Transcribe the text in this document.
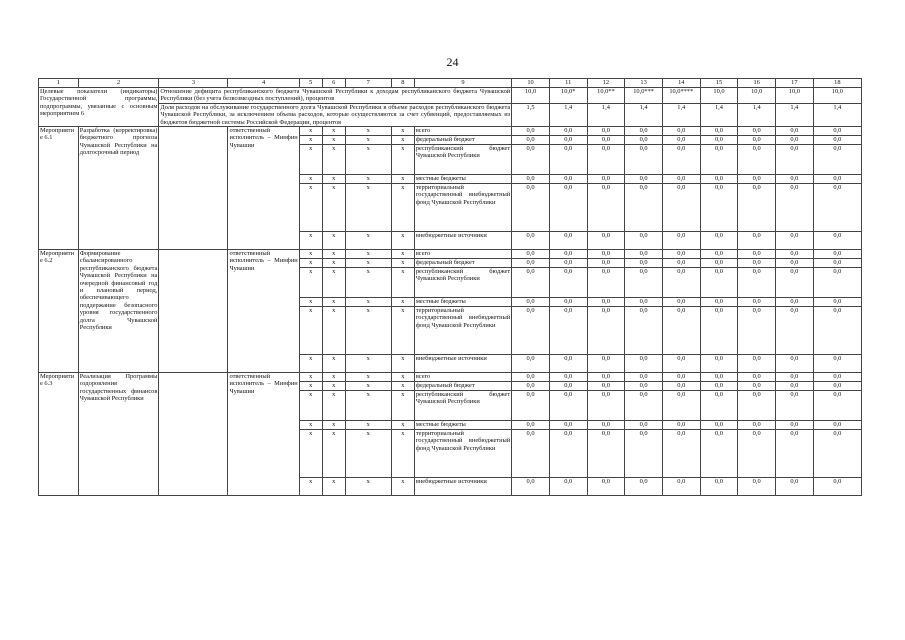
24
1	2	3	4	5	6	7	8	9	10	11	12	13	14	15	16	17	18
Целевые показатели (индикаторы) Государственной программы, подпрограммы, увязанные с основным мероприятием 6		Отношение дефицита республиканского бюджета Чувашской Республики к доходам республиканского бюджета Чувашской Республики (без учета безвозмездных поступлений), процентов							10,0	10,0*	10,0**	10,0***	10,0****	10,0	10,0	10,0	10,0
		Доля расходов на обслуживание государственного долга Чувашской Республики в объеме расходов республиканского бюджета Чувашской Республики, за исключением объема расходов, которые осуществляются за счет субвенций, предоставляемых из бюджетов бюджетной системы Российской Федерации, процентов							1,5	1,4	1,4	1,4	1,4	1,4	1,4	1,4	1,4
Мероприятие 6.1	Разработка (корректировка) бюджетного прогноза Чувашской Республики на долгосрочный период		ответственный исполнитель – Минфин Чувашии	x	x	x	x	всего	0,0	0,0	0,0	0,0	0,0	0,0	0,0	0,0	0,0
				x	x	x	x	федеральный бюджет	0,0	0,0	0,0	0,0	0,0	0,0	0,0	0,0	0,0
				x	x	x	x	республиканский бюджет Чувашской Республики	0,0	0,0	0,0	0,0	0,0	0,0	0,0	0,0	0,0
				x	x	x	x	местные бюджеты	0,0	0,0	0,0	0,0	0,0	0,0	0,0	0,0	0,0
				x	x	x	x	территориальный государственный внебюджетный фонд Чувашской Республики	0,0	0,0	0,0	0,0	0,0	0,0	0,0	0,0	0,0
				x	x	x	x	внебюджетные источники	0,0	0,0	0,0	0,0	0,0	0,0	0,0	0,0	0,0
Мероприятие 6.2	Формирование сбалансированного республиканского бюджета Чувашской Республики на очередной финансовый год и плановый период, обеспечивающего поддержание безопасного уровня государственного долга Чувашской Республики		ответственный исполнитель – Минфин Чувашии	x	x	x	x	всего	0,0	0,0	0,0	0,0	0,0	0,0	0,0	0,0	0,0
				x	x	x	x	федеральный бюджет	0,0	0,0	0,0	0,0	0,0	0,0	0,0	0,0	0,0
				x	x	x	x	республиканский бюджет Чувашской Республики	0,0	0,0	0,0	0,0	0,0	0,0	0,0	0,0	0,0
				x	x	x	x	местные бюджеты	0,0	0,0	0,0	0,0	0,0	0,0	0,0	0,0	0,0
				x	x	x	x	территориальный государственный внебюджетный фонд Чувашской Республики	0,0	0,0	0,0	0,0	0,0	0,0	0,0	0,0	0,0
				x	x	x	x	внебюджетные источники	0,0	0,0	0,0	0,0	0,0	0,0	0,0	0,0	0,0
Мероприятие 6.3	Реализация Программы оздоровления государственных финансов Чувашской Республики		ответственный исполнитель – Минфин Чувашии	x	x	x	x	всего	0,0	0,0	0,0	0,0	0,0	0,0	0,0	0,0	0,0
				x	x	x	x	федеральный бюджет	0,0	0,0	0,0	0,0	0,0	0,0	0,0	0,0	0,0
				x	x	x	x	республиканский бюджет Чувашской Республики	0,0	0,0	0,0	0,0	0,0	0,0	0,0	0,0	0,0
				x	x	x	x	местные бюджеты	0,0	0,0	0,0	0,0	0,0	0,0	0,0	0,0	0,0
				x	x	x	x	территориальный государственный внебюджетный фонд Чувашской Республики	0,0	0,0	0,0	0,0	0,0	0,0	0,0	0,0	0,0
				x	x	x	x	внебюджетные источники	0,0	0,0	0,0	0,0	0,0	0,0	0,0	0,0	0,0
